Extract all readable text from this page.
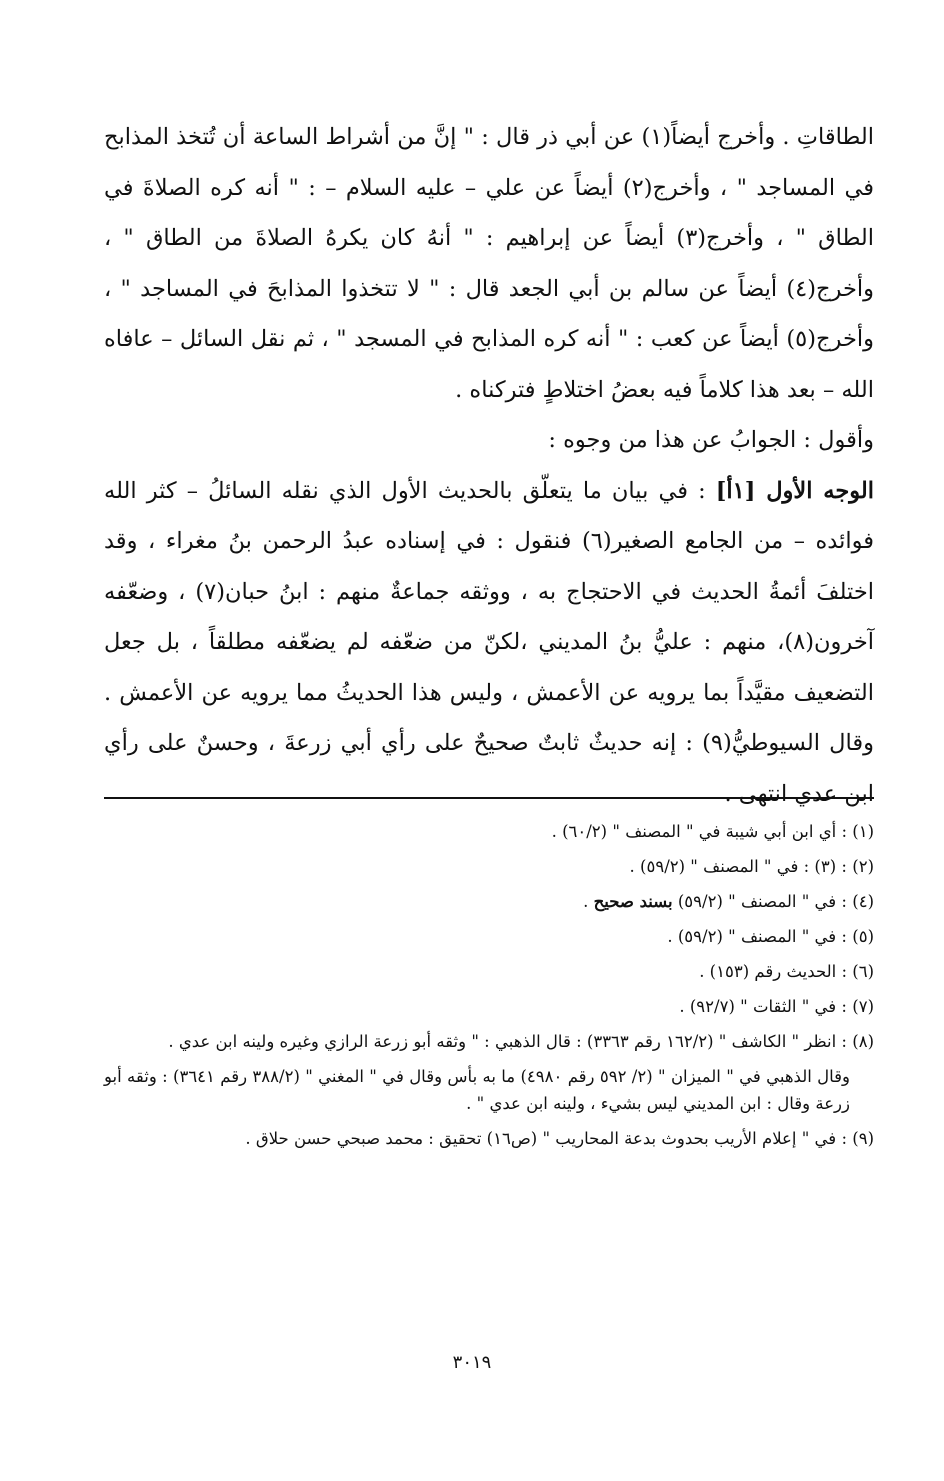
الطاقاتِ . وأخرج أيضاً(١) عن أبي ذر قال : " إنَّ من أشراط الساعة أن تُتخذ المذابح في المساجد " ، وأخرج(٢) أيضاً عن علي – عليه السلام – : " أنه كره الصلاةَ في الطاق " ، وأخرج(٣) أيضاً عن إبراهيم : " أنهُ كان يكرهُ الصلاةَ من الطاق " ، وأخرج(٤) أيضاً عن سالم بن أبي الجعد قال : " لا تتخذوا المذابحَ في المساجد " ، وأخرج(٥) أيضاً عن كعب : " أنه كره المذابح في المسجد " ، ثم نقل السائل – عافاه الله – بعد هذا كلاماً فيه بعضُ اختلاطٍ فتركناه .

وأقول : الجوابُ عن هذا من وجوه :

الوجه الأول [١أ] : في بيان ما يتعلّق بالحديث الأول الذي نقله السائلُ – كثر الله فوائده – من الجامع الصغير(٦) فنقول : في إسناده عبدُ الرحمن بنُ مغراء ، وقد اختلفَ أئمةُ الحديث في الاحتجاج به ، ووثقه جماعةٌ منهم : ابنُ حبان(٧) ، وضعّفه آخرون(٨)، منهم : عليُّ بنُ المديني ،لكنّ من ضعّفه لم يضعّفه مطلقاً ، بل جعل التضعيف مقيَّداً بما يرويه عن الأعمش ، وليس هذا الحديثُ مما يرويه عن الأعمش . وقال السيوطيُّ(٩) : إنه حديثٌ ثابتٌ صحيحٌ على رأي أبي زرعةَ ، وحسنٌ على رأي ابن عدي انتهى .

(١) : أي ابن أبي شيبة في " المصنف " (٦٠/٢) .

(٢) : (٣) : في " المصنف " (٥٩/٢) .

(٤) : في " المصنف " (٥٩/٢) بسند صحيح .

(٥) : في " المصنف " (٥٩/٢) .

(٦) : الحديث رقم (١٥٣) .

(٧) : في " الثقات " (٩٢/٧) .

(٨) : انظر " الكاشف " (١٦٢/٢ رقم ٣٣٦٣) : قال الذهبي : " وثقه أبو زرعة الرازي وغيره ولينه ابن عدي .

وقال الذهبي في " الميزان " (٢/ ٥٩٢ رقم ٤٩٨٠) ما به بأس وقال في " المغني " (٣٨٨/٢ رقم ٣٦٤١) : وثقه أبو زرعة وقال : ابن المديني ليس بشيء ، ولينه ابن عدي " .

(٩) : في " إعلام الأريب بحدوث بدعة المحاريب " (ص١٦) تحقيق : محمد صبحي حسن حلاق .

٣٠١٩
